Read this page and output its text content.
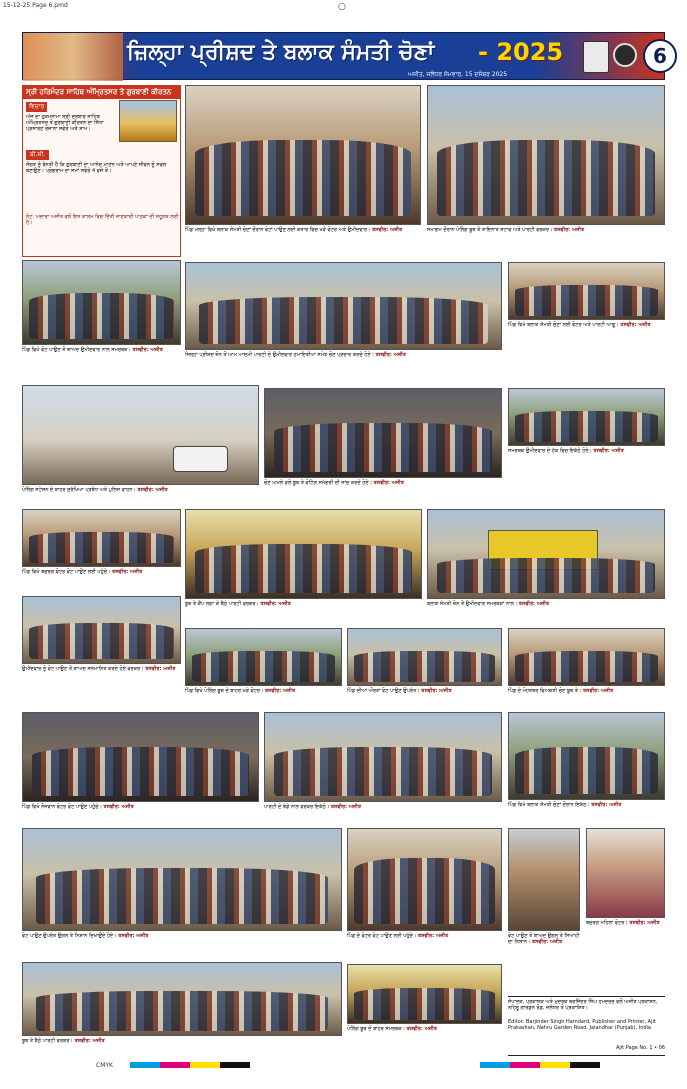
15-12-25 Page 6.pmd	○
ਜ਼ਿਲ੍ਹਾ ਪ੍ਰੀਸ਼ਦ ਤੇ ਬਲਾਕ ਸੰਮਤੀ ਚੋਣਾਂ - 2025
ਅਜੀਤ, ਜਲੰਧਰ ਸੋਮਵਾਰ, 15 ਦਸੰਬਰ 2025
6
ਸ੍ਰੀ ਹਰਿਮੰਦਰ ਸਾਹਿਬ ਅੰਮ੍ਰਿਤਸਰ ਤੋਂ ਗੁਰਬਾਣੀ ਕੀਰਤਨ
ਵਿਚਾਰ
ਅੱਜ ਦਾ ਹੁਕਮਨਾਮਾ ਸ੍ਰੀ ਦਰਬਾਰ ਸਾਹਿਬ ਅੰਮ੍ਰਿਤਸਰ ਤੋਂ ਗੁਰਬਾਣੀ ਕੀਰਤਨ ਦਾ ਸਿੱਧਾ ਪ੍ਰਸਾਰਣ ਰੋਜ਼ਾਨਾ ਸਵੇਰੇ ਅਤੇ ਸ਼ਾਮ।
ਬੀ.ਸੀ.
ਸੰਗਤ ਨੂੰ ਬੇਨਤੀ ਹੈ ਕਿ ਗੁਰਬਾਣੀ ਦਾ ਆਨੰਦ ਮਾਣਨ ਅਤੇ ਆਪਣੇ ਜੀਵਨ ਨੂੰ ਸਫਲ ਬਣਾਉਣ। ਪ੍ਰੋਗਰਾਮ ਦਾ ਸਮਾਂ ਸਵੇਰੇ 4 ਵਜੇ ਤੋਂ।
ਨੋਟ: ਅਦਾਰਾ ਅਜੀਤ ਵਲੋਂ ਇਸ ਕਾਲਮ ਵਿਚ ਦਿੱਤੀ ਜਾਣਕਾਰੀ ਪਾਠਕਾਂ ਦੀ ਸਹੂਲਤ ਲਈ ਹੈ।
ਪਿੰਡ ਮਲ੍ਹਾ ਵਿਖੇ ਬਲਾਕ ਸੰਮਤੀ ਚੋਣਾਂ ਦੌਰਾਨ ਵੋਟਾਂ ਪਾਉਣ ਲਈ ਕਤਾਰ ਵਿਚ ਖੜੇ ਵੋਟਰ ਅਤੇ ਉਮੀਦਵਾਰ। ਤਸਵੀਰ: ਅਜੀਤ	ਸਮਾਗਮ ਦੌਰਾਨ ਪੋਲਿੰਗ ਬੂਥ ਤੇ ਤਾਇਨਾਤ ਸਟਾਫ ਅਤੇ ਪਾਰਟੀ ਵਰਕਰ। ਤਸਵੀਰ: ਅਜੀਤ
ਪਿੰਡ ਵਿਖੇ ਵੋਟ ਪਾਉਣ ਤੋਂ ਬਾਅਦ ਉਮੀਦਵਾਰ ਨਾਲ ਸਮਰਥਕ। ਤਸਵੀਰ: ਅਜੀਤ
ਜ਼ਿਲ੍ਹਾ ਪ੍ਰੀਸ਼ਦ ਜ਼ੋਨ ਤੋਂ ਆਮ ਆਦਮੀ ਪਾਰਟੀ ਦੇ ਉਮੀਦਵਾਰ ਹਮਾਇਤੀਆਂ ਸਮੇਤ ਚੋਣ ਪ੍ਰਚਾਰ ਕਰਦੇ ਹੋਏ। ਤਸਵੀਰ: ਅਜੀਤ
ਪਿੰਡ ਵਿਖੇ ਬਲਾਕ ਸੰਮਤੀ ਚੋਣਾਂ ਲਈ ਵੋਟਰ ਅਤੇ ਪਾਰਟੀ ਆਗੂ। ਤਸਵੀਰ: ਅਜੀਤ
ਪੋਲਿੰਗ ਸਟੇਸ਼ਨ ਦੇ ਬਾਹਰ ਸੁਰੱਖਿਆ ਪ੍ਰਬੰਧ ਅਤੇ ਪੁਲਿਸ ਵਾਹਨ। ਤਸਵੀਰ: ਅਜੀਤ
ਚੋਣ ਅਮਲੇ ਵਲੋਂ ਬੂਥ ਤੇ ਵੋਟਿੰਗ ਸਮੱਗਰੀ ਦੀ ਜਾਂਚ ਕਰਦੇ ਹੋਏ। ਤਸਵੀਰ: ਅਜੀਤ
ਸਮਰਥਕ ਉਮੀਦਵਾਰ ਦੇ ਹੱਕ ਵਿਚ ਇਕੱਠੇ ਹੋਏ। ਤਸਵੀਰ: ਅਜੀਤ
ਪਿੰਡ ਵਿਖੇ ਬਜ਼ੁਰਗ ਵੋਟਰ ਵੋਟ ਪਾਉਣ ਲਈ ਪਹੁੰਚੇ। ਤਸਵੀਰ: ਅਜੀਤ
ਉਮੀਦਵਾਰ ਨੂੰ ਵੋਟ ਪਾਉਣ ਤੋਂ ਬਾਅਦ ਸਨਮਾਨਿਤ ਕਰਦੇ ਹੋਏ ਵਰਕਰ। ਤਸਵੀਰ: ਅਜੀਤ
ਬੂਥ ਤੇ ਕੈਂਪ ਲਗਾ ਕੇ ਬੈਠੇ ਪਾਰਟੀ ਵਰਕਰ। ਤਸਵੀਰ: ਅਜੀਤ	ਬਲਾਕ ਸੰਮਤੀ ਜ਼ੋਨ ਤੋਂ ਉਮੀਦਵਾਰ ਸਮਰਥਕਾਂ ਨਾਲ। ਤਸਵੀਰ: ਅਜੀਤ
ਪਿੰਡ ਵਿਖੇ ਪੋਲਿੰਗ ਬੂਥ ਦੇ ਬਾਹਰ ਖੜੇ ਵੋਟਰ। ਤਸਵੀਰ: ਅਜੀਤ	ਪਿੰਡ ਦੀਆਂ ਔਰਤਾਂ ਵੋਟ ਪਾਉਣ ਉਪਰੰਤ। ਤਸਵੀਰ: ਅਜੀਤ	ਪਿੰਡ ਦੇ ਮੋਹਤਬਰ ਵਿਅਕਤੀ ਚੋਣ ਬੂਥ ਤੇ। ਤਸਵੀਰ: ਅਜੀਤ
ਪਿੰਡ ਵਿਖੇ ਨੌਜਵਾਨ ਵੋਟਰ ਵੋਟ ਪਾਉਣ ਪਹੁੰਚੇ। ਤਸਵੀਰ: ਅਜੀਤ	ਪਾਰਟੀ ਦੇ ਝੰਡੇ ਨਾਲ ਵਰਕਰ ਇਕੱਠੇ। ਤਸਵੀਰ: ਅਜੀਤ	ਪਿੰਡ ਵਿਖੇ ਬਲਾਕ ਸੰਮਤੀ ਚੋਣਾਂ ਦੌਰਾਨ ਇਕੱਠ। ਤਸਵੀਰ: ਅਜੀਤ
ਵੋਟ ਪਾਉਣ ਉਪਰੰਤ ਉਂਗਲ ਤੇ ਨਿਸ਼ਾਨ ਦਿਖਾਉਂਦੇ ਹੋਏ। ਤਸਵੀਰ: ਅਜੀਤ	ਪਿੰਡ ਦੇ ਵੋਟਰ ਵੋਟ ਪਾਉਣ ਲਈ ਪਹੁੰਚੇ। ਤਸਵੀਰ: ਅਜੀਤ	ਵੋਟ ਪਾਉਣ ਤੋਂ ਬਾਅਦ ਉਂਗਲ ਤੇ ਸਿਆਹੀ ਦਾ ਨਿਸ਼ਾਨ। ਤਸਵੀਰ: ਅਜੀਤ
ਬਜ਼ੁਰਗ ਮਹਿਲਾ ਵੋਟਰ। ਤਸਵੀਰ: ਅਜੀਤ
ਬੂਥ ਤੇ ਬੈਠੇ ਪਾਰਟੀ ਵਰਕਰ। ਤਸਵੀਰ: ਅਜੀਤ
ਪੋਲਿੰਗ ਬੂਥ ਦੇ ਬਾਹਰ ਸਮਰਥਕ। ਤਸਵੀਰ: ਅਜੀਤ
ਸੰਪਾਦਕ, ਪ੍ਰਕਾਸ਼ਕ ਅਤੇ ਮੁਦਰਕ ਬਰਜਿੰਦਰ ਸਿੰਘ ਹਮਦਰਦ ਵਲੋਂ ਅਜੀਤ ਪ੍ਰਕਾਸ਼ਨ, ਨਹਿਰੂ ਗਾਰਡਨ ਰੋਡ, ਜਲੰਧਰ ਤੋਂ ਪ੍ਰਕਾਸ਼ਿਤ।
Editor: Barjinder Singh Hamdard, Publisher and Printer, Ajit Prakashan, Nehru Garden Road, Jalandhar (Punjab), India
Ajit Page No. 1 • 06
CMYK
